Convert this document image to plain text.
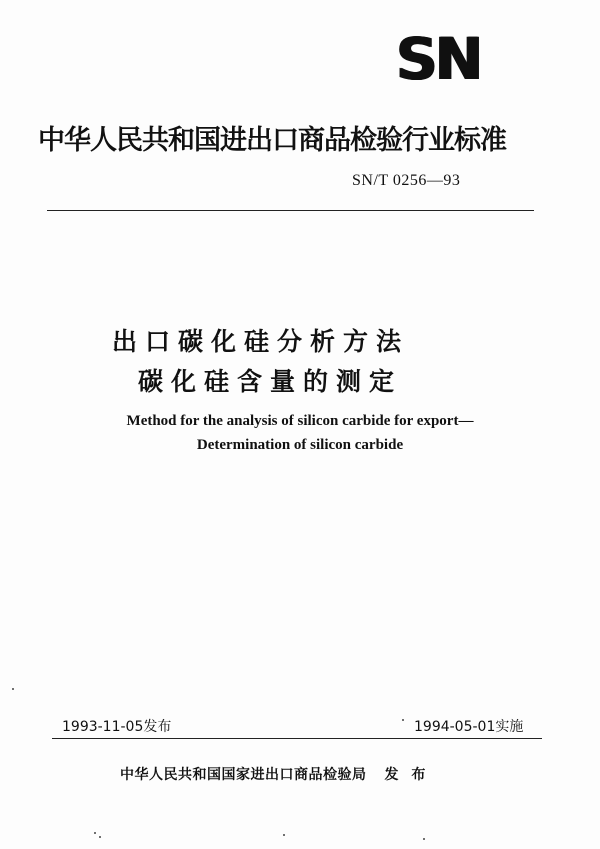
SN
中华人民共和国进出口商品检验行业标准
SN/T 0256—93
出口碳化硅分析方法
碳化硅含量的测定
Method for the analysis of silicon carbide for export—
Determination of silicon carbide
1993-11-05发布	1994-05-01实施
中华人民共和国国家进出口商品检验局 发 布
